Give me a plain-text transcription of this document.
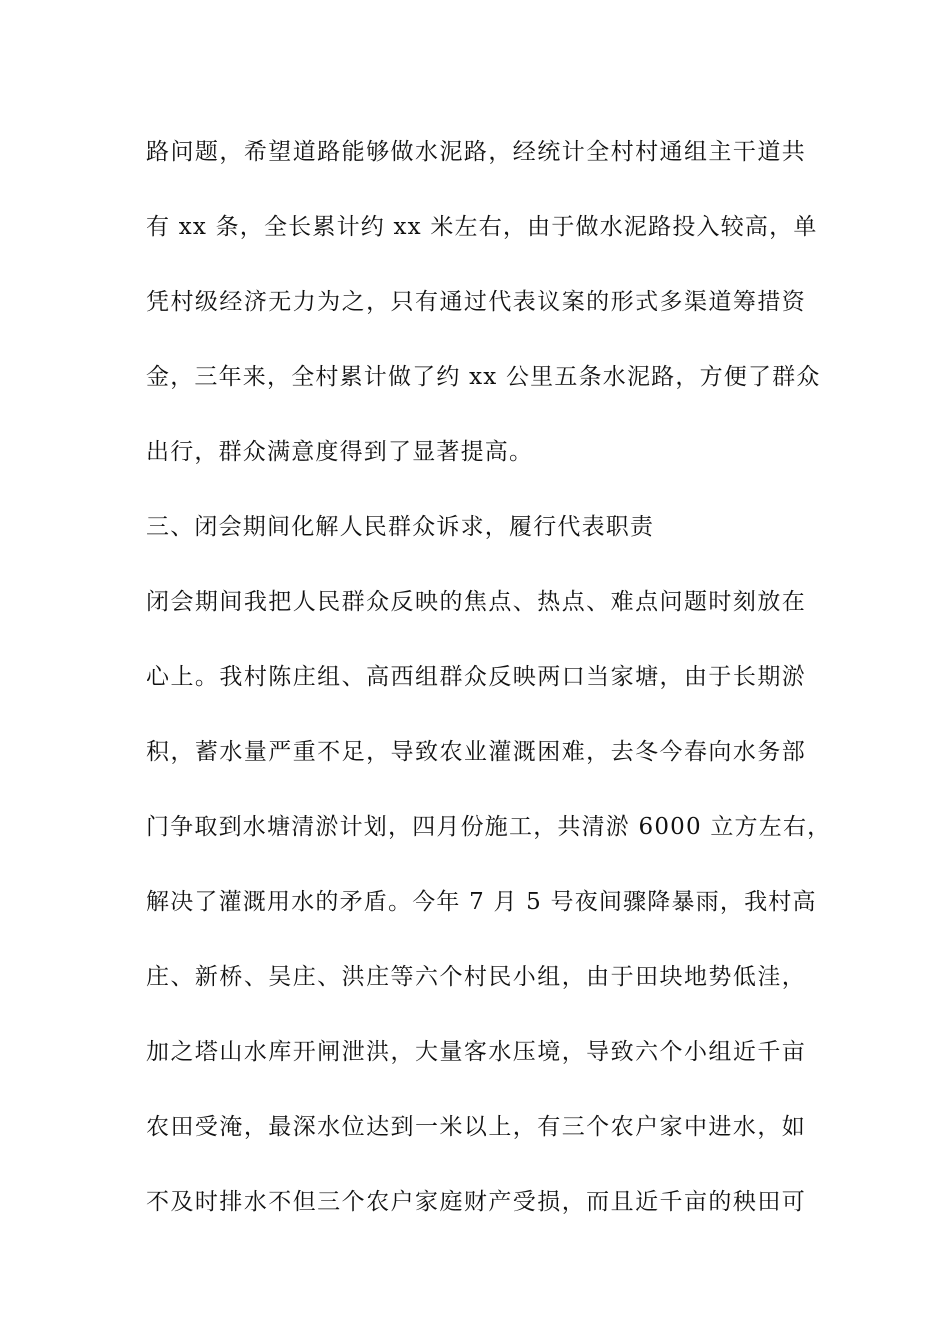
路问题，希望道路能够做水泥路，经统计全村村通组主干道共
有 xx 条，全长累计约 xx 米左右，由于做水泥路投入较高，单
凭村级经济无力为之，只有通过代表议案的形式多渠道筹措资
金，三年来，全村累计做了约 xx 公里五条水泥路，方便了群众
出行，群众满意度得到了显著提高。
三、闭会期间化解人民群众诉求，履行代表职责
闭会期间我把人民群众反映的焦点、热点、难点问题时刻放在
心上。我村陈庄组、高西组群众反映两口当家塘，由于长期淤
积，蓄水量严重不足，导致农业灌溉困难，去冬今春向水务部
门争取到水塘清淤计划，四月份施工，共清淤 6000 立方左右，
解决了灌溉用水的矛盾。今年 7 月 5 号夜间骤降暴雨，我村高
庄、新桥、吴庄、洪庄等六个村民小组，由于田块地势低洼，
加之塔山水库开闸泄洪，大量客水压境，导致六个小组近千亩
农田受淹，最深水位达到一米以上，有三个农户家中进水，如
不及时排水不但三个农户家庭财产受损，而且近千亩的秧田可
